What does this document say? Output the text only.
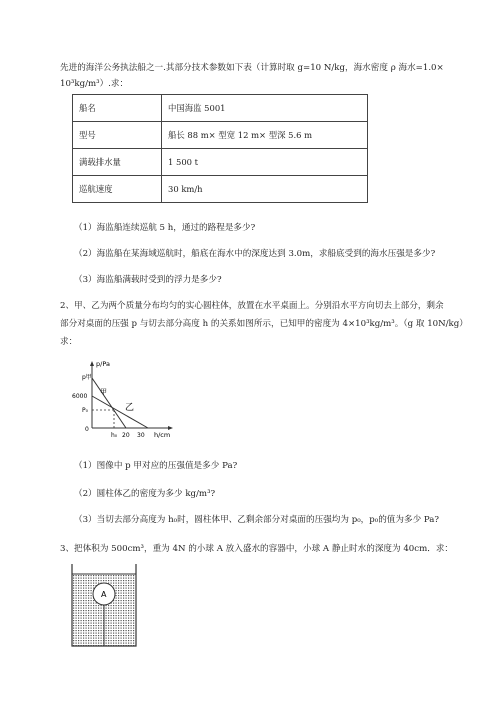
先进的海洋公务执法船之一.其部分技术参数如下表（计算时取 g=10 N/kg，海水密度 ρ 海水=1.0×
10³kg/m³）.求：
船名	中国海监 5001
型号	船长 88 m× 型宽 12 m× 型深 5.6 m
满载排水量	1 500 t
巡航速度	30 km/h
（1）海监船连续巡航 5 h，通过的路程是多少?
（2）海监船在某海域巡航时，船底在海水中的深度达到 3.0m，求船底受到的海水压强是多少?
（3）海监船满载时受到的浮力是多少?
2、甲、乙为两个质量分布均匀的实心圆柱体，放置在水平桌面上。分别沿水平方向切去上部分，剩余
部分对桌面的压强 p 与切去部分高度 h 的关系如图所示，已知甲的密度为 4×10³kg/m³。（g 取 10N/kg）
求：
p/Pa
p甲
6000
P₀
0
h₀ 20 30 h/cm
甲
乙
（1）图像中 p 甲对应的压强值是多少 Pa?
（2）圆柱体乙的密度为多少 kg/m³?
（3）当切去部分高度为 h₀时，圆柱体甲、乙剩余部分对桌面的压强均为 p₀，p₀的值为多少 Pa?
3、把体积为 500cm³，重为 4N 的小球 A 放入盛水的容器中，小球 A 静止时水的深度为 40cm．求：
A
